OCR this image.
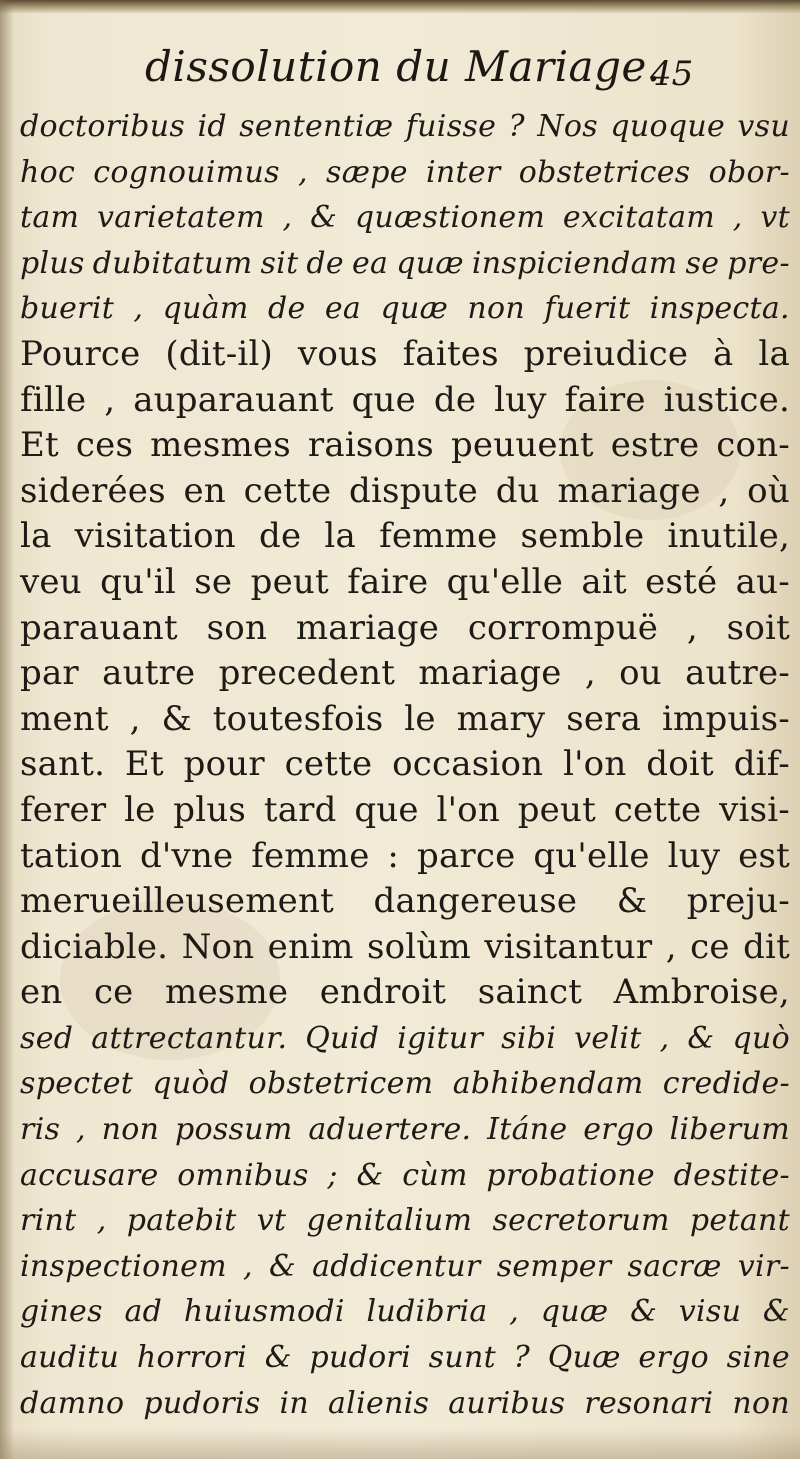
dissolution du Mariage.
45
doctoribus id sententiæ fuisse ? Nos quoque vsu
hoc cognouimus , sæpe inter obstetrices obor-
tam varietatem , & quæstionem excitatam , vt
plus dubitatum sit de ea quæ inspiciendam se pre-
buerit , quàm de ea quæ non fuerit inspecta.
Pource (dit-il) vous faites preiudice à la
fille , auparauant que de luy faire iustice.
Et ces mesmes raisons peuuent estre con-
siderées en cette dispute du mariage , où
la visitation de la femme semble inutile,
veu qu'il se peut faire qu'elle ait esté au-
parauant son mariage corrompuë , soit
par autre precedent mariage , ou autre-
ment , & toutesfois le mary sera impuis-
sant. Et pour cette occasion l'on doit dif-
ferer le plus tard que l'on peut cette visi-
tation d'vne femme : parce qu'elle luy est
merueilleusement dangereuse & preju-
diciable. Non enim solùm visitantur , ce dit
en ce mesme endroit sainct Ambroise,
sed attrectantur. Quid igitur sibi velit , & quò
spectet quòd obstetricem abhibendam credide-
ris , non possum aduertere. Itáne ergo liberum
accusare omnibus ; & cùm probatione destite-
rint , patebit vt genitalium secretorum petant
inspectionem , & addicentur semper sacræ vir-
gines ad huiusmodi ludibria , quæ & visu &
auditu horrori & pudori sunt ? Quæ ergo sine
damno pudoris in alienis auribus resonari non
